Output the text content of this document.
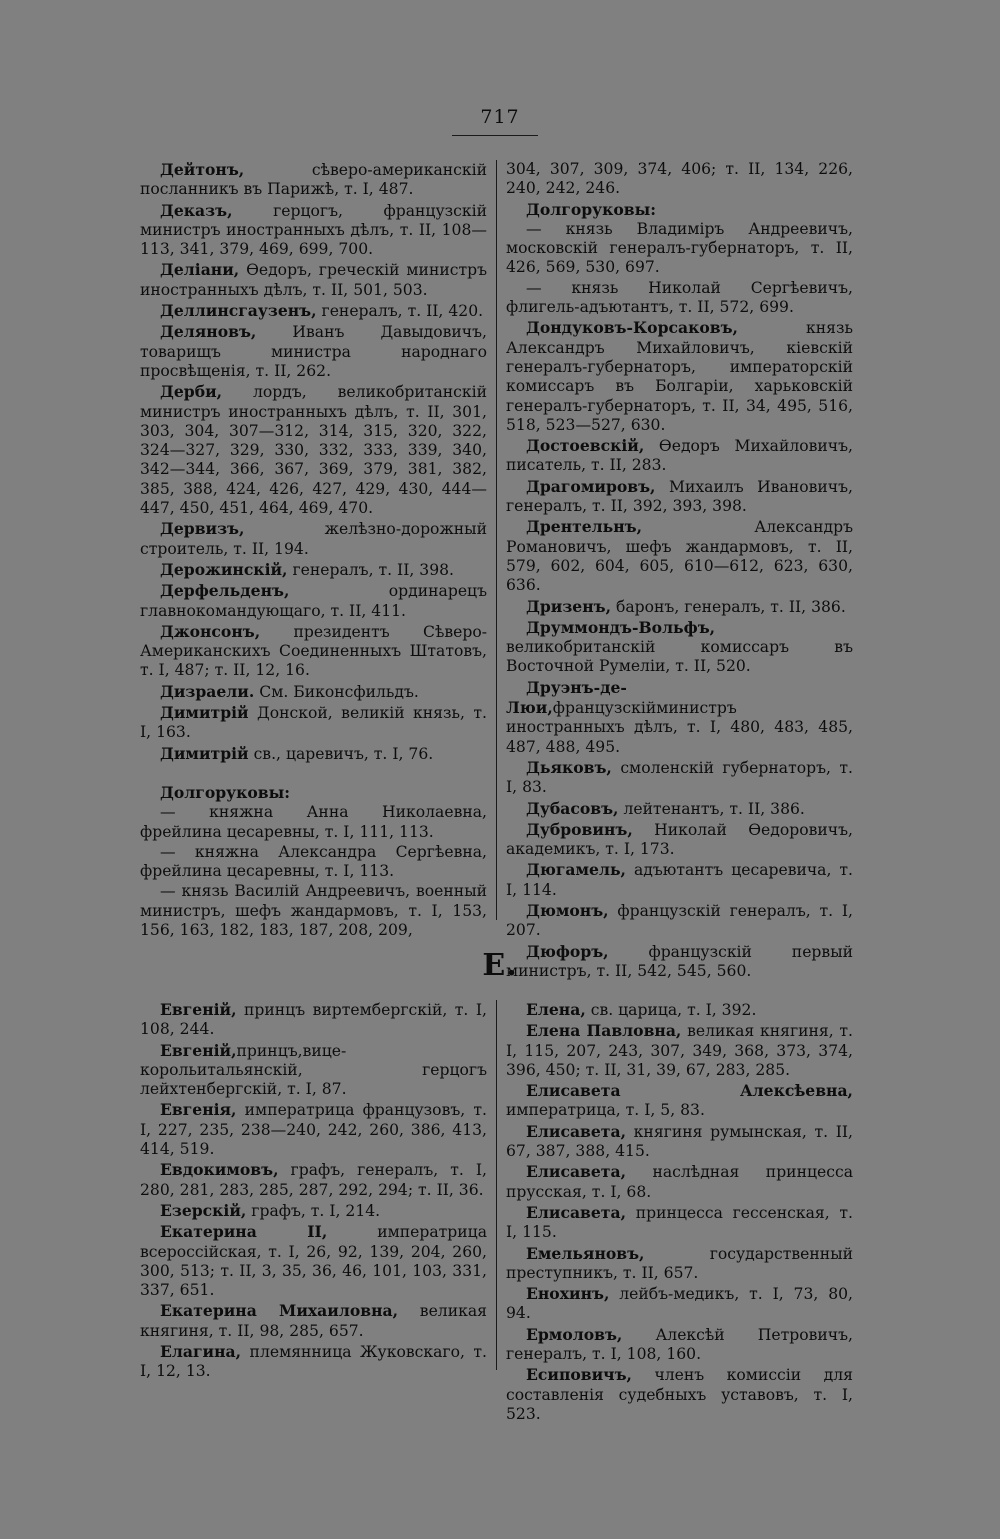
717
Дейтонъ, сѣверо-американскій посланникъ въ Парижѣ, т. I, 487.
Деказъ, герцогъ, французскій министръ иностранныхъ дѣлъ, т. II, 108—113, 341, 379, 469, 699, 700.
Деліани, Ѳедоръ, греческій министръ иностранныхъ дѣлъ, т. II, 501, 503.
Деллинсгаузенъ, генералъ, т. II, 420.
Деляновъ, Иванъ Давыдовичъ, товарищъ министра народнаго просвѣщенія, т. II, 262.
Дерби, лордъ, великобританскій министръ иностранныхъ дѣлъ, т. II, 301, 303, 304, 307—312, 314, 315, 320, 322, 324—327, 329, 330, 332, 333, 339, 340, 342—344, 366, 367, 369, 379, 381, 382, 385, 388, 424, 426, 427, 429, 430, 444—447, 450, 451, 464, 469, 470.
Дервизъ, желѣзно-дорожный строитель, т. II, 194.
Дерожинскій, генералъ, т. II, 398.
Дерфельденъ, ординарецъ главнокомандующаго, т. II, 411.
Джонсонъ, президентъ Сѣверо-Американскихъ Соединенныхъ Штатовъ, т. I, 487; т. II, 12, 16.
Дизраели. См. Биконсфильдъ.
Димитрій Донской, великій князь, т. I, 163.
Димитрій св., царевичъ, т. I, 76.
Долгоруковы:
— княжна Анна Николаевна, фрейлина цесаревны, т. I, 111, 113.
— княжна Александра Сергѣевна, фрейлина цесаревны, т. I, 113.
— князь Василій Андреевичъ, военный министръ, шефъ жандармовъ, т. I, 153, 156, 163, 182, 183, 187, 208, 209,
304, 307, 309, 374, 406; т. II, 134, 226, 240, 242, 246.
Долгоруковы:
— князь Владиміръ Андреевичъ, московскій генералъ-губернаторъ, т. II, 426, 569, 530, 697.
— князь Николай Сергѣевичъ, флигель-адъютантъ, т. II, 572, 699.
Дондуковъ-Корсаковъ, князь Александръ Михайловичъ, кіевскій генералъ-губернаторъ, императорскій комиссаръ въ Болгаріи, харьковскій генералъ-губернаторъ, т. II, 34, 495, 516, 518, 523—527, 630.
Достоевскій, Ѳедоръ Михайловичъ, писатель, т. II, 283.
Драгомировъ, Михаилъ Ивановичъ, генералъ, т. II, 392, 393, 398.
Дрентельнъ, Александръ Романовичъ, шефъ жандармовъ, т. II, 579, 602, 604, 605, 610—612, 623, 630, 636.
Дризенъ, баронъ, генералъ, т. II, 386.
Друммондъ-Вольфъ, великобританскій комиссаръ въ Восточной Румеліи, т. II, 520.
Друэнъ-де-Люи,французскійминистръ иностранныхъ дѣлъ, т. I, 480, 483, 485, 487, 488, 495.
Дьяковъ, смоленскій губернаторъ, т. I, 83.
Дубасовъ, лейтенантъ, т. II, 386.
Дубровинъ, Николай Ѳедоровичъ, академикъ, т. I, 173.
Дюгамель, адъютантъ цесаревича, т. I, 114.
Дюмонъ, французскій генералъ, т. I, 207.
Дюфоръ, французскій первый министръ, т. II, 542, 545, 560.
Е.
Евгеній, принцъ виртембергскій, т. I, 108, 244.
Евгеній,принцъ,вице-корольитальянскій, герцогъ лейхтенбергскій, т. I, 87.
Евгенія, императрица французовъ, т. I, 227, 235, 238—240, 242, 260, 386, 413, 414, 519.
Евдокимовъ, графъ, генералъ, т. I, 280, 281, 283, 285, 287, 292, 294; т. II, 36.
Езерскій, графъ, т. I, 214.
Екатерина II, императрица всероссійская, т. I, 26, 92, 139, 204, 260, 300, 513; т. II, 3, 35, 36, 46, 101, 103, 331, 337, 651.
Екатерина Михаиловна, великая княгиня, т. II, 98, 285, 657.
Елагина, племянница Жуковскаго, т. I, 12, 13.
Елена, св. царица, т. I, 392.
Елена Павловна, великая княгиня, т. I, 115, 207, 243, 307, 349, 368, 373, 374, 396, 450; т. II, 31, 39, 67, 283, 285.
Елисавета Алексѣевна, императрица, т. I, 5, 83.
Елисавета, княгиня румынская, т. II, 67, 387, 388, 415.
Елисавета, наслѣдная принцесса прусская, т. I, 68.
Елисавета, принцесса гессенская, т. I, 115.
Емельяновъ, государственный преступникъ, т. II, 657.
Енохинъ, лейбъ-медикъ, т. I, 73, 80, 94.
Ермоловъ, Алексѣй Петровичъ, генералъ, т. I, 108, 160.
Есиповичъ, членъ комиссіи для составленія судебныхъ уставовъ, т. I, 523.
